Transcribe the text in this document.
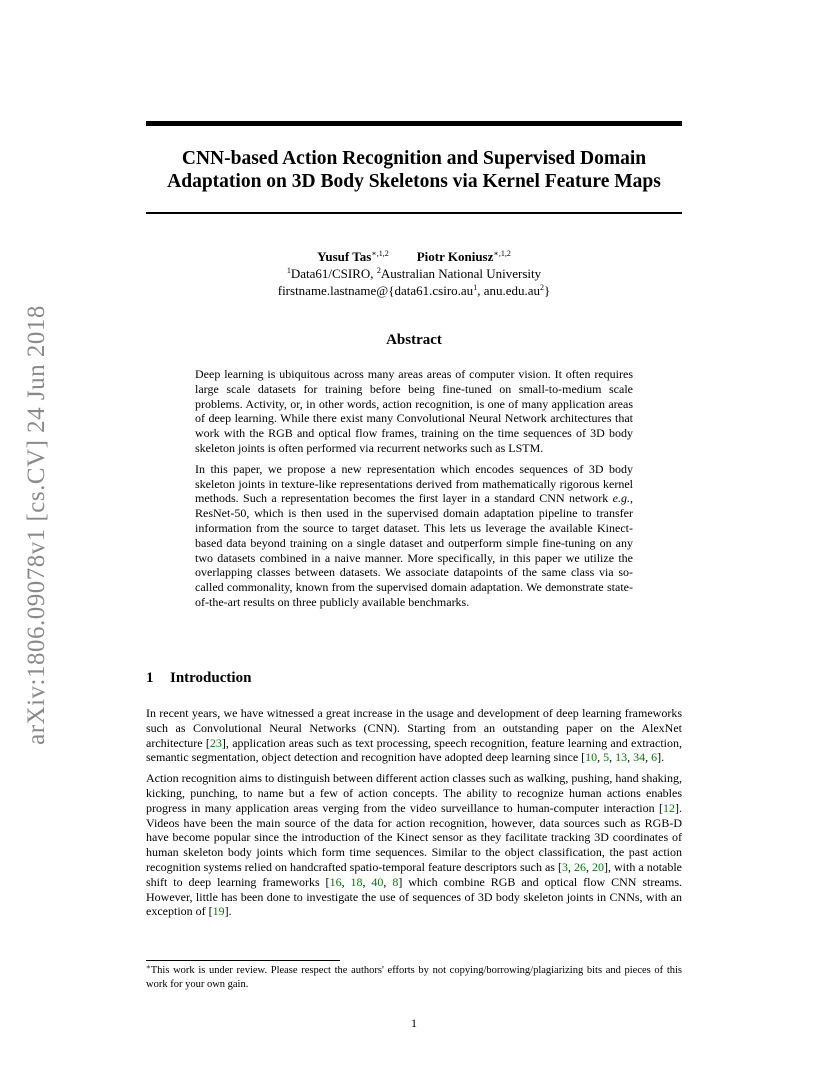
arXiv:1806.09078v1 [cs.CV] 24 Jun 2018
CNN-based Action Recognition and Supervised Domain
Adaptation on 3D Body Skeletons via Kernel Feature Maps
Yusuf Tas$^{∗,1,2}$ Piotr Koniusz$^{∗,1,2}$
$^1$Data61/CSIRO, $^2$Australian National University
$firstname.lastname@\{data61.csiro.au^1$, $anu.edu.au^2$}
Abstract

Deep learning is ubiquitous across many areas areas of computer vision. It often requires large scale datasets for training before being fine-tuned on small-to-medium scale problems. Activity, or, in other words, action recognition, is one of many application areas of deep learning. While there exist many Convolutional Neural Network architectures that work with the RGB and optical flow frames, training on the time sequences of 3D body skeleton joints is often performed via recurrent networks such as LSTM.

In this paper, we propose a new representation which encodes sequences of 3D body skeleton joints in texture-like representations derived from mathematically rigorous kernel methods. Such a representation becomes the first layer in a standard CNN network e.g., ResNet-50, which is then used in the supervised domain adaptation pipeline to transfer information from the source to target dataset. This lets us leverage the available Kinect-based data beyond training on a single dataset and outperform simple fine-tuning on any two datasets combined in a naive manner. More specifically, in this paper we utilize the overlapping classes between datasets. We associate datapoints of the same class via so-called commonality, known from the supervised domain adaptation. We demonstrate state-of-the-art results on three publicly available benchmarks.

1 Introduction

In recent years, we have witnessed a great increase in the usage and development of deep learning frameworks such as Convolutional Neural Networks (CNN). Starting from an outstanding paper on the AlexNet architecture [23], application areas such as text processing, speech recognition, feature learning and extraction, semantic segmentation, object detection and recognition have adopted deep learning since [10, 5, 13, 34, 6].

Action recognition aims to distinguish between different action classes such as walking, pushing, hand shaking, kicking, punching, to name but a few of action concepts. The ability to recognize human actions enables progress in many application areas verging from the video surveillance to human-computer interaction [12]. Videos have been the main source of the data for action recognition, however, data sources such as RGB-D have become popular since the introduction of the Kinect sensor as they facilitate tracking 3D coordinates of human skeleton body joints which form time sequences. Similar to the object classification, the past action recognition systems relied on handcrafted spatio-temporal feature descriptors such as [3, 26, 20], with a notable shift to deep learning frameworks [16, 18, 40, 8] which combine RGB and optical flow CNN streams. However, little has been done to investigate the use of sequences of 3D body skeleton joints in CNNs, with an exception of [19].

∗This work is under review. Please respect the authors' efforts by not copying/borrowing/plagiarizing bits and pieces of this work for your own gain.
1
